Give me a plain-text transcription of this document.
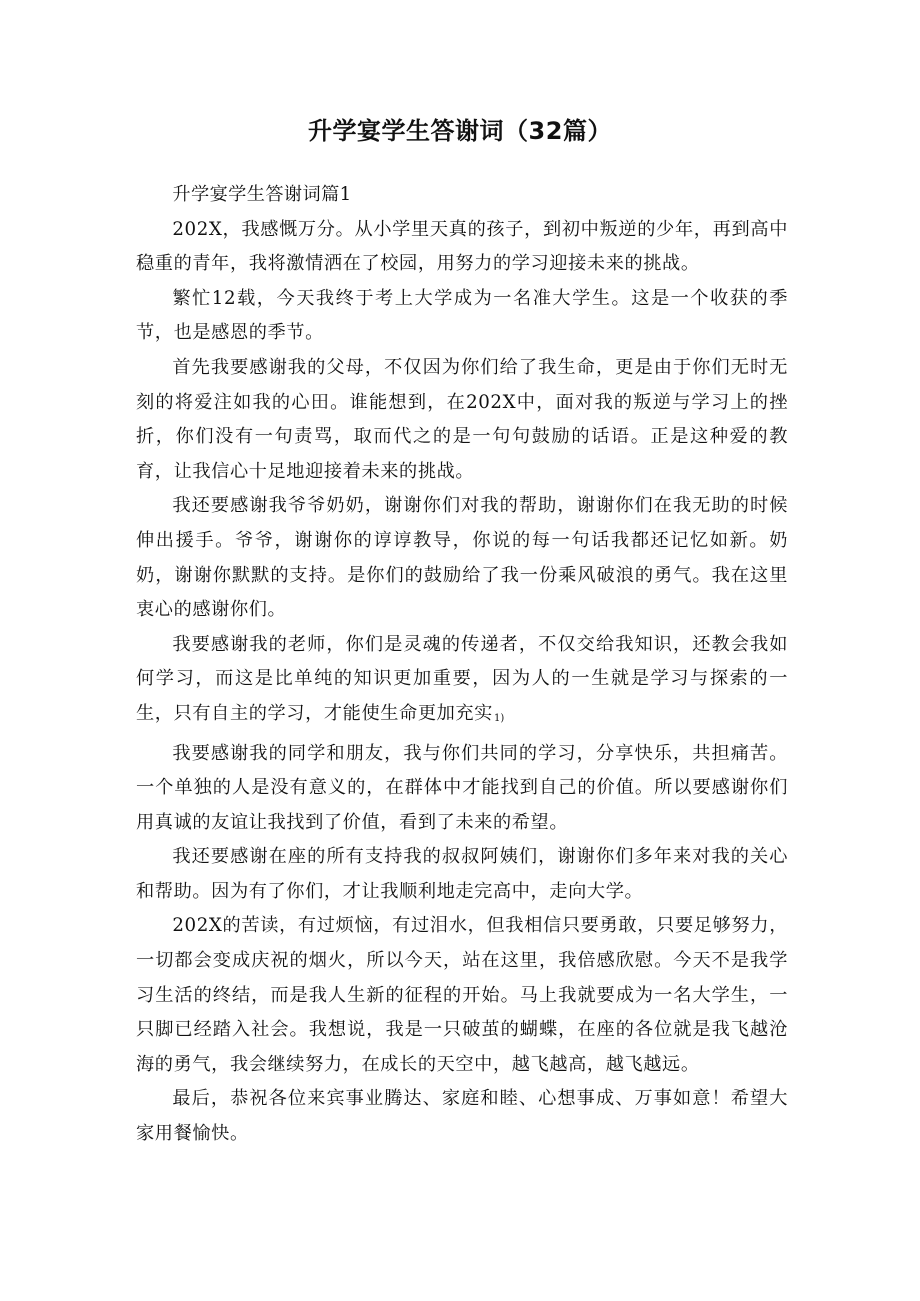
升学宴学生答谢词（32篇）

升学宴学生答谢词篇1

202X，我感慨万分。从小学里天真的孩子，到初中叛逆的少年，再到高中稳重的青年，我将激情洒在了校园，用努力的学习迎接未来的挑战。

繁忙12载，今天我终于考上大学成为一名准大学生。这是一个收获的季节，也是感恩的季节。

首先我要感谢我的父母，不仅因为你们给了我生命，更是由于你们无时无刻的将爱注如我的心田。谁能想到，在202X中，面对我的叛逆与学习上的挫折，你们没有一句责骂，取而代之的是一句句鼓励的话语。正是这种爱的教育，让我信心十足地迎接着未来的挑战。

我还要感谢我爷爷奶奶，谢谢你们对我的帮助，谢谢你们在我无助的时候伸出援手。爷爷，谢谢你的谆谆教导，你说的每一句话我都还记忆如新。奶奶，谢谢你默默的支持。是你们的鼓励给了我一份乘风破浪的勇气。我在这里衷心的感谢你们。

我要感谢我的老师，你们是灵魂的传递者，不仅交给我知识，还教会我如何学习，而这是比单纯的知识更加重要，因为人的一生就是学习与探索的一生，只有自主的学习，才能使生命更加充实1)

我要感谢我的同学和朋友，我与你们共同的学习，分享快乐，共担痛苦。一个单独的人是没有意义的，在群体中才能找到自己的价值。所以要感谢你们用真诚的友谊让我找到了价值，看到了未来的希望。

我还要感谢在座的所有支持我的叔叔阿姨们，谢谢你们多年来对我的关心和帮助。因为有了你们，才让我顺利地走完高中，走向大学。

202X的苦读，有过烦恼，有过泪水，但我相信只要勇敢，只要足够努力，一切都会变成庆祝的烟火，所以今天，站在这里，我倍感欣慰。今天不是我学习生活的终结，而是我人生新的征程的开始。马上我就要成为一名大学生，一只脚已经踏入社会。我想说，我是一只破茧的蝴蝶，在座的各位就是我飞越沧海的勇气，我会继续努力，在成长的天空中，越飞越高，越飞越远。

最后，恭祝各位来宾事业腾达、家庭和睦、心想事成、万事如意！希望大家用餐愉快。
